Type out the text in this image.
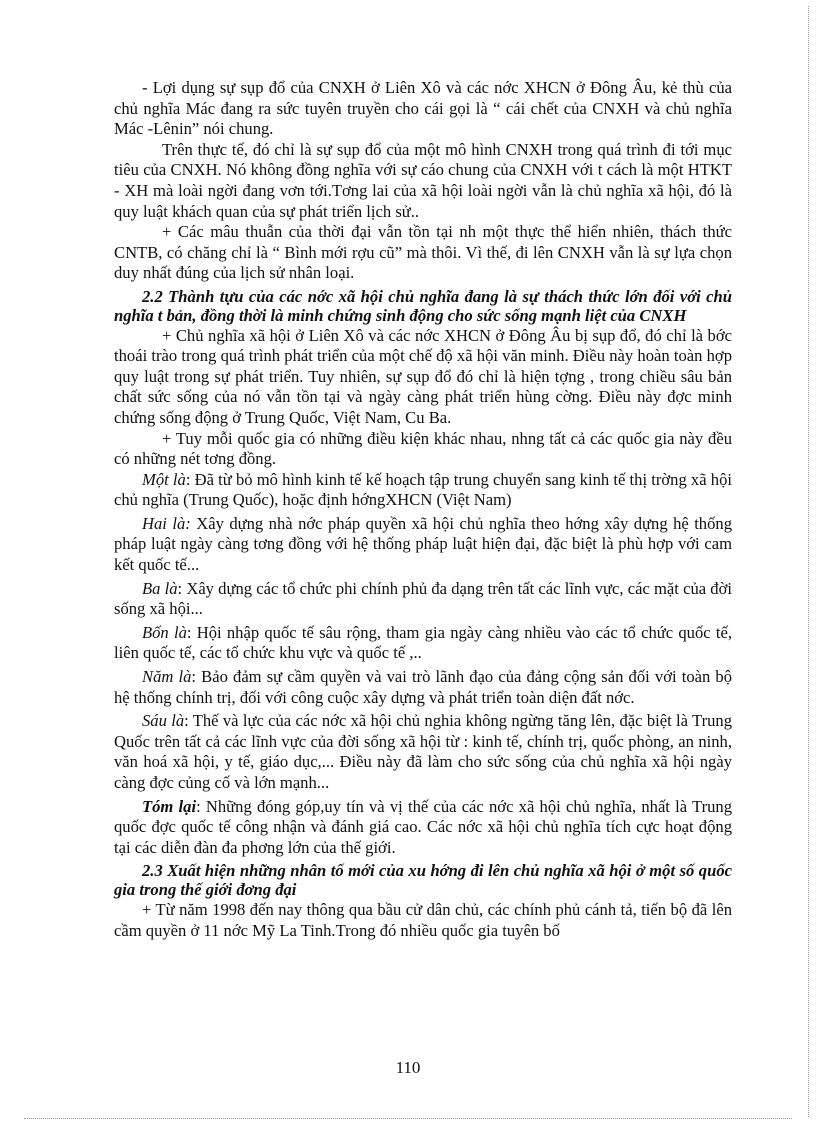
- Lợi dụng sự sụp đổ của CNXH ở Liên Xô và các nớc XHCN ở Đông Âu, kẻ thù của chủ nghĩa Mác đang ra sức tuyên truyền cho cái gọi là “ cái chết của CNXH và chủ nghĩa Mác -Lênin” nói chung.

Trên thực tế, đó chỉ là sự sụp đổ của một mô hình CNXH trong quá trình đi tới mục tiêu của CNXH. Nó không đồng nghĩa với sự cáo chung của CNXH với t cách là một HTKT - XH mà loài ngời đang vơn tới.Tơng lai của xã hội loài ngời vẫn là chủ nghĩa xã hội, đó là quy luật khách quan của sự phát triển lịch sử..

+ Các mâu thuẫn của thời đại vẫn tồn tại nh một thực thể hiển nhiên, thách thức CNTB, có chăng chỉ là “ Bình mới rợu cũ” mà thôi. Vì thế, đi lên CNXH vẫn là sự lựa chọn duy nhất đúng của lịch sử nhân loại.

2.2 Thành tựu của các nớc xã hội chủ nghĩa đang là sự thách thức lớn đối với chủ nghĩa t bản, đồng thời là minh chứng sinh động cho sức sống mạnh liệt của CNXH

+ Chủ nghĩa xã hội ở Liên Xô và các nớc XHCN ở Đông Âu bị sụp đổ, đó chỉ là bớc thoái trào trong quá trình phát triển của một chế độ xã hội văn minh. Điều này hoàn toàn hợp quy luật trong sự phát triển. Tuy nhiên, sự sụp đổ đó chỉ là hiện tợng , trong chiều sâu bản chất sức sống của nó vẫn tồn tại và ngày càng phát triển hùng cờng. Điều này đợc minh chứng sống động ở Trung Quốc, Việt Nam, Cu Ba.

+ Tuy mỗi quốc gia có những điều kiện khác nhau, nhng tất cả các quốc gia này đều có những nét tơng đồng.

Một là: Đã từ bỏ mô hình kinh tế kế hoạch tập trung chuyển sang kinh tế thị trờng xã hội chủ nghĩa (Trung Quốc), hoặc định hớngXHCN (Việt Nam)

Hai là: Xây dựng nhà nớc pháp quyền xã hội chủ nghĩa theo hớng xây dựng hệ thống pháp luật ngày càng tơng đồng với hệ thống pháp luật hiện đại, đặc biệt là phù hợp với cam kết quốc tế...

Ba là: Xây dựng các tổ chức phi chính phủ đa dạng trên tất các lĩnh vực, các mặt của đời sống xã hội...

Bốn là: Hội nhập quốc tế sâu rộng, tham gia ngày càng nhiều vào các tổ chức quốc tế, liên quốc tế, các tổ chức khu vực và quốc tế ,..

Năm là: Bảo đảm sự cầm quyền và vai trò lãnh đạo của đảng cộng sản đối với toàn bộ hệ thống chính trị, đối với công cuộc xây dựng và phát triển toàn diện đất nớc.

Sáu là: Thế và lực của các nớc xã hội chủ nghia không ngừng tăng lên, đặc biệt là Trung Quốc trên tất cả các lĩnh vực của đời sống xã hội từ : kinh tế, chính trị, quốc phòng, an ninh, văn hoá xã hội, y tế, giáo dục,... Điều này đã làm cho sức sống của chủ nghĩa xã hội ngày càng đợc củng cố và lớn mạnh...

Tóm lại: Những đóng góp,uy tín và vị thế của các nớc xã hội chủ nghĩa, nhất là Trung quốc đợc quốc tế công nhận và đánh giá cao. Các nớc xã hội chủ nghĩa tích cực hoạt động tại các diễn đàn đa phơng lớn của thế giới.

2.3 Xuất hiện những nhân tố mới của xu hớng đi lên chủ nghĩa xã hội ở một số quốc gia trong thế giới đơng đại

+ Từ năm 1998 đến nay thông qua bầu cử dân chủ, các chính phủ cánh tả, tiến bộ đã lên cầm quyền ở 11 nớc Mỹ La Tinh.Trong đó nhiều quốc gia tuyên bố

110
